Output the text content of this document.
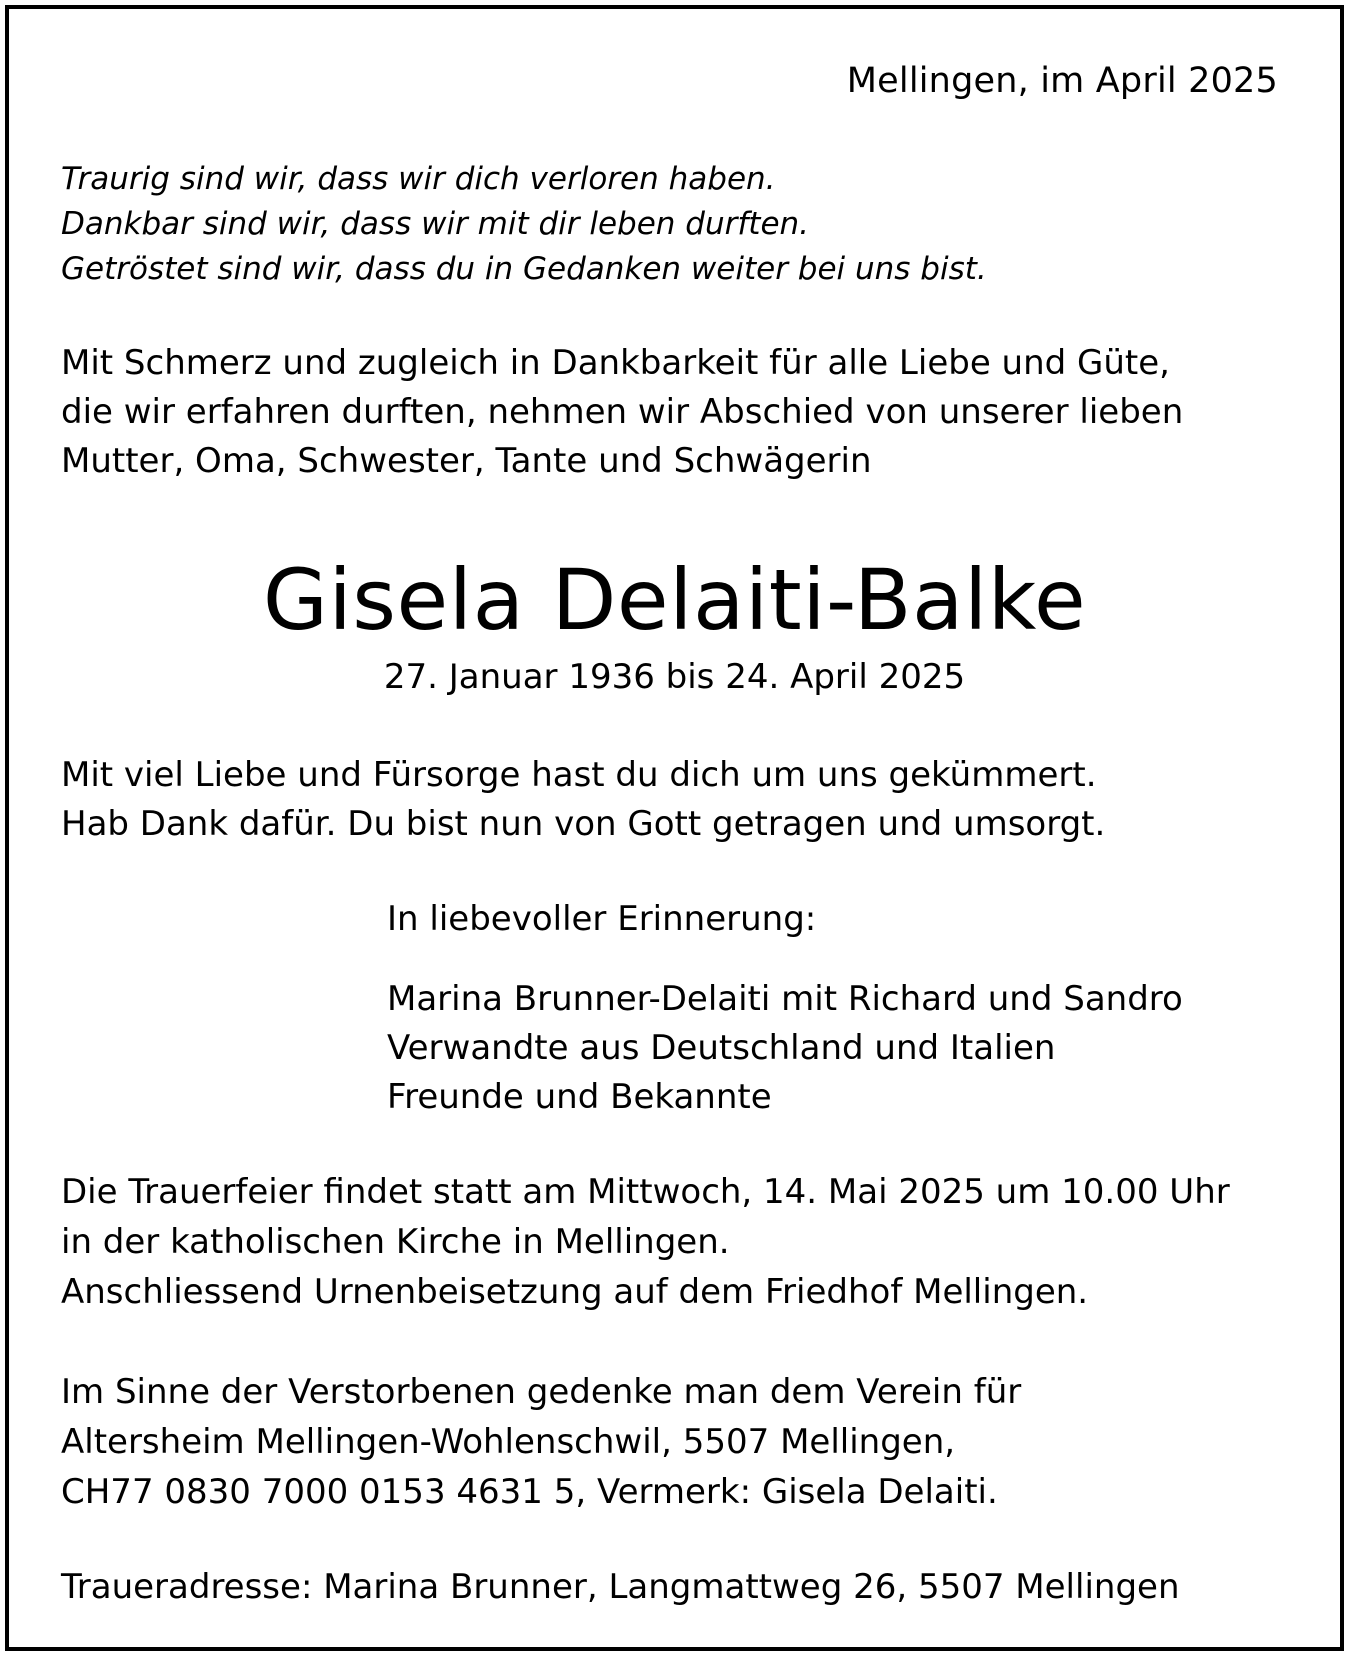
Mellingen, im April 2025
Traurig sind wir, dass wir dich verloren haben.
Dankbar sind wir, dass wir mit dir leben durften.
Getröstet sind wir, dass du in Gedanken weiter bei uns bist.
Mit Schmerz und zugleich in Dankbarkeit für alle Liebe und Güte,
die wir erfahren durften, nehmen wir Abschied von unserer lieben
Mutter, Oma, Schwester, Tante und Schwägerin
Gisela Delaiti-Balke
27. Januar 1936 bis 24. April 2025
Mit viel Liebe und Fürsorge hast du dich um uns gekümmert.
Hab Dank dafür. Du bist nun von Gott getragen und umsorgt.
In liebevoller Erinnerung:
Marina Brunner-Delaiti mit Richard und Sandro
Verwandte aus Deutschland und Italien
Freunde und Bekannte
Die Trauerfeier findet statt am Mittwoch, 14. Mai 2025 um 10.00 Uhr
in der katholischen Kirche in Mellingen.
Anschliessend Urnenbeisetzung auf dem Friedhof Mellingen.
Im Sinne der Verstorbenen gedenke man dem Verein für
Altersheim Mellingen-Wohlenschwil, 5507 Mellingen,
CH77 0830 7000 0153 4631 5, Vermerk: Gisela Delaiti.
Traueradresse: Marina Brunner, Langmattweg 26, 5507 Mellingen
